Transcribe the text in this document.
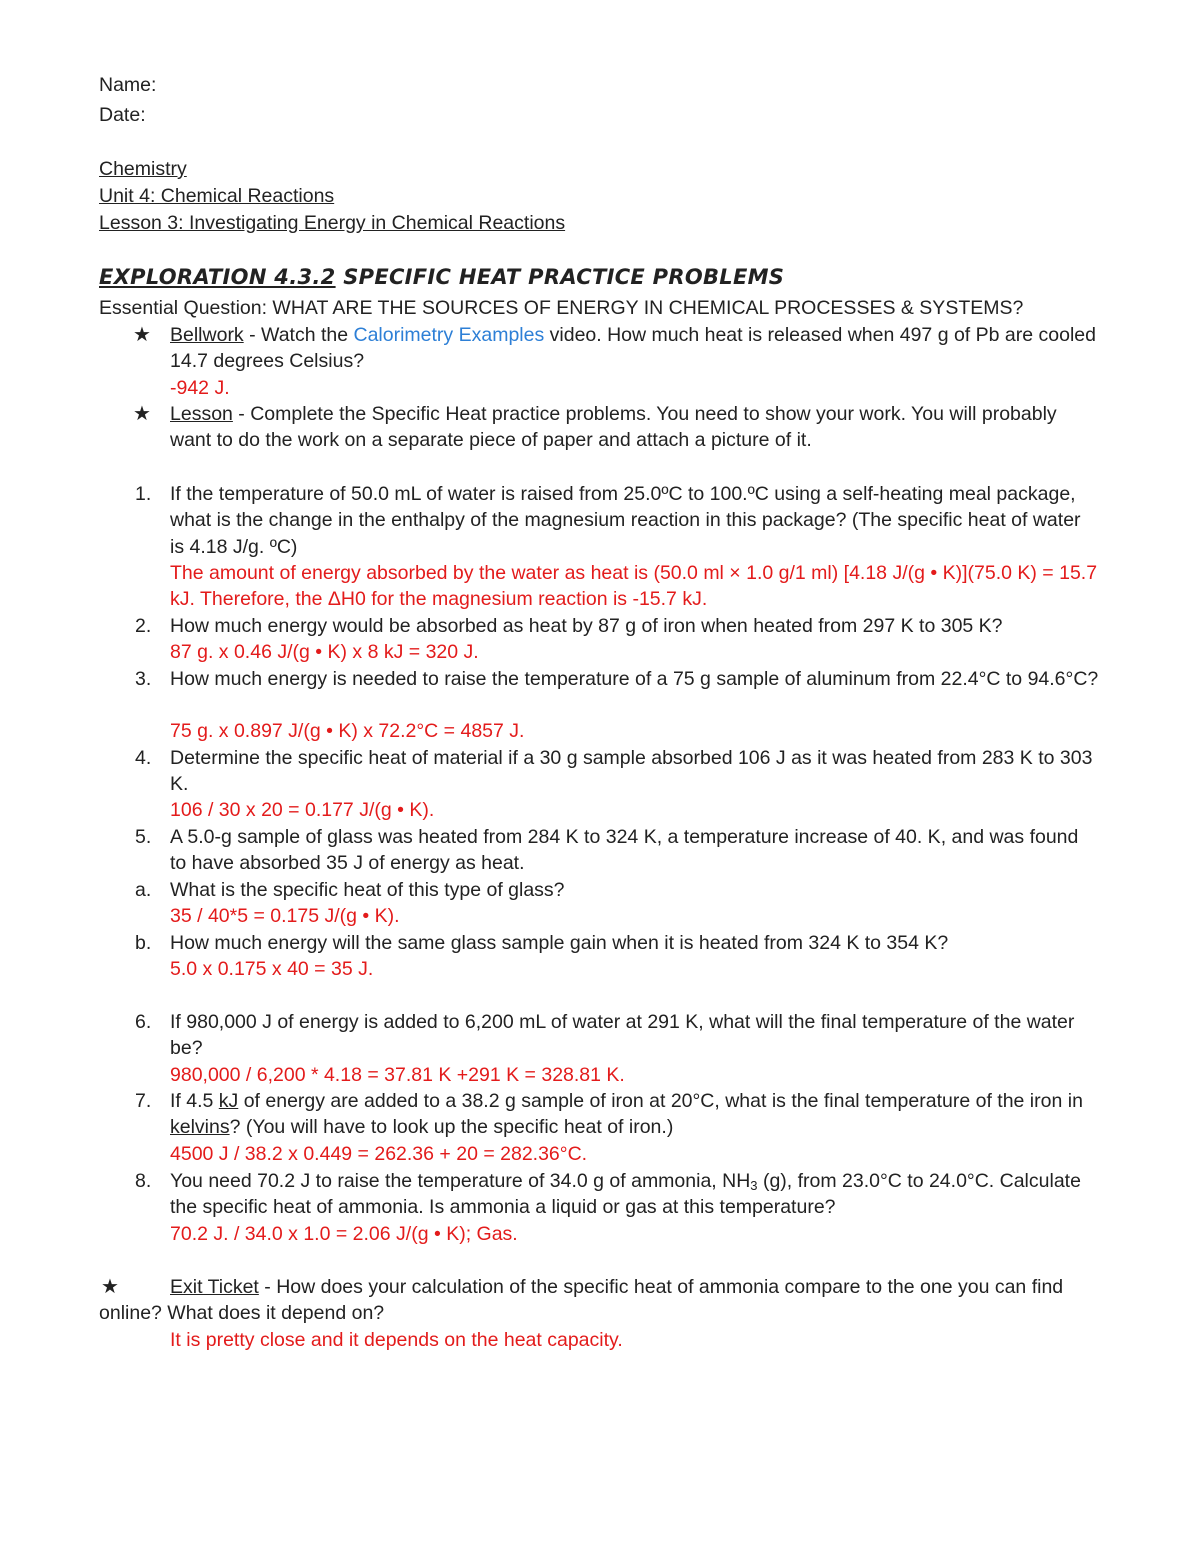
Name:
Date:
Chemistry
Unit 4: Chemical Reactions
Lesson 3: Investigating Energy in Chemical Reactions
EXPLORATION 4.3.2 SPECIFIC HEAT PRACTICE PROBLEMS
Essential Question: WHAT ARE THE SOURCES OF ENERGY IN CHEMICAL PROCESSES & SYSTEMS?
★ Bellwork - Watch the Calorimetry Examples video. How much heat is released when 497 g of Pb are cooled 14.7 degrees Celsius?
-942 J.
★ Lesson - Complete the Specific Heat practice problems. You need to show your work. You will probably want to do the work on a separate piece of paper and attach a picture of it.
1. If the temperature of 50.0 mL of water is raised from 25.0ºC to 100.ºC using a self-heating meal package, what is the change in the enthalpy of the magnesium reaction in this package? (The specific heat of water is 4.18 J/g. ºC)
The amount of energy absorbed by the water as heat is (50.0 ml × 1.0 g/1 ml) [4.18 J/(g • K)](75.0 K) = 15.7 kJ. Therefore, the ΔH0 for the magnesium reaction is -15.7 kJ.
2. How much energy would be absorbed as heat by 87 g of iron when heated from 297 K to 305 K?
87 g. x 0.46 J/(g • K) x 8 kJ = 320 J.
3. How much energy is needed to raise the temperature of a 75 g sample of aluminum from 22.4°C to 94.6°C?
75 g. x 0.897 J/(g • K) x 72.2°C = 4857 J.
4. Determine the specific heat of material if a 30 g sample absorbed 106 J as it was heated from 283 K to 303 K.
106 / 30 x 20 = 0.177 J/(g • K).
5. A 5.0-g sample of glass was heated from 284 K to 324 K, a temperature increase of 40. K, and was found to have absorbed 35 J of energy as heat.
a. What is the specific heat of this type of glass?
35 / 40*5 = 0.175 J/(g • K).
b. How much energy will the same glass sample gain when it is heated from 324 K to 354 K?
5.0 x 0.175 x 40 = 35 J.
6. If 980,000 J of energy is added to 6,200 mL of water at 291 K, what will the final temperature of the water be?
980,000 / 6,200 * 4.18 = 37.81 K +291 K = 328.81 K.
7. If 4.5 kJ of energy are added to a 38.2 g sample of iron at 20°C, what is the final temperature of the iron in kelvins? (You will have to look up the specific heat of iron.)
4500 J / 38.2 x 0.449 = 262.36 + 20 = 282.36°C.
8. You need 70.2 J to raise the temperature of 34.0 g of ammonia, $NH_3$ (g), from 23.0°C to 24.0°C. Calculate the specific heat of ammonia. Is ammonia a liquid or gas at this temperature?
70.2 J. / 34.0 x 1.0 = 2.06 J/(g • K); Gas.
★	Exit Ticket - How does your calculation of the specific heat of ammonia compare to the one you can find online? What does it depend on?
It is pretty close and it depends on the heat capacity.
